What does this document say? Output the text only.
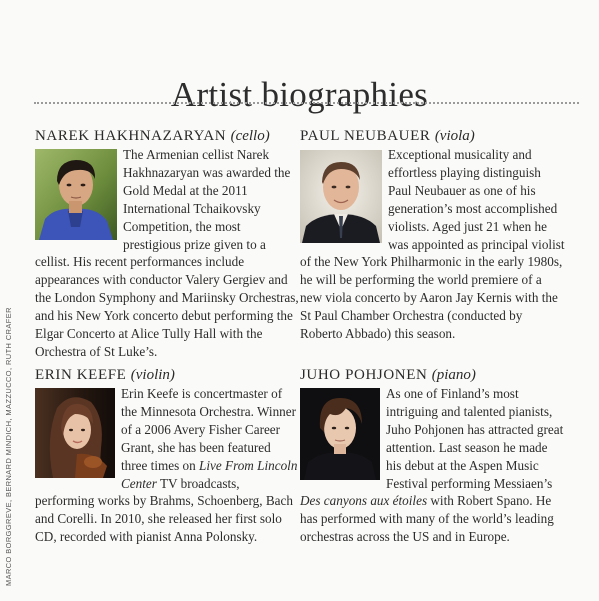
Artist biographies
MARCO BORGGREVE, BERNARD MINDICH, MAZZUCCO, RUTH CRAFER
NAREK HAKHNAZARYAN (cello)
The Armenian cellist Narek Hakhnazaryan was awarded the Gold Medal at the 2011 International Tchaikovsky Competition, the most prestigious prize given to a cellist. His recent performances include appearances with conductor Valery Gergiev and the London Symphony and Mariinsky Orchestras, and his New York concerto debut performing the Elgar Concerto at Alice Tully Hall with the Orchestra of St Luke’s.
PAUL NEUBAUER (viola)
Exceptional musicality and effortless playing distinguish Paul Neubauer as one of his generation’s most accomplished violists. Aged just 21 when he was appointed as principal violist of the New York Philharmonic in the early 1980s, he will be performing the world premiere of a new viola concerto by Aaron Jay Kernis with the St Paul Chamber Orchestra (conducted by Roberto Abbado) this season.
ERIN KEEFE (violin)
Erin Keefe is concertmaster of the Minnesota Orchestra. Winner of a 2006 Avery Fisher Career Grant, she has been featured three times on Live From Lincoln Center TV broadcasts, performing works by Brahms, Schoenberg, Bach and Corelli. In 2010, she released her first solo CD, recorded with pianist Anna Polonsky.
JUHO POHJONEN (piano)
As one of Finland’s most intriguing and talented pianists, Juho Pohjonen has attracted great attention. Last season he made his debut at the Aspen Music Festival performing Messiaen’s Des canyons aux étoiles with Robert Spano. He has performed with many of the world’s leading orchestras across the US and in Europe.
